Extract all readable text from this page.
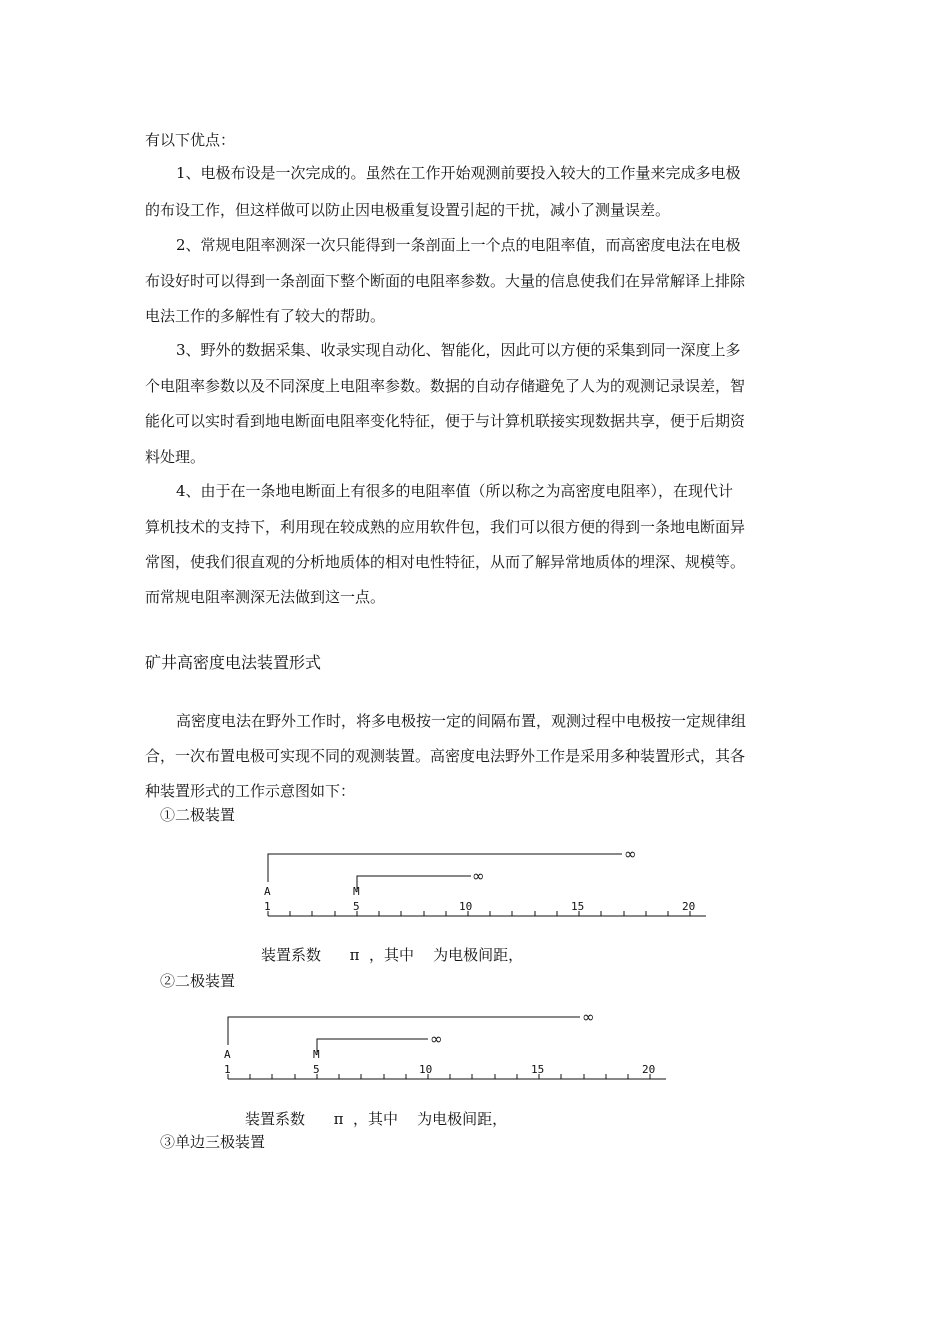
有以下优点：
1、电极布设是一次完成的。虽然在工作开始观测前要投入较大的工作量来完成多电极
的布设工作，但这样做可以防止因电极重复设置引起的干扰，减小了测量误差。
2、常规电阻率测深一次只能得到一条剖面上一个点的电阻率值，而高密度电法在电极
布设好时可以得到一条剖面下整个断面的电阻率参数。大量的信息使我们在异常解译上排除
电法工作的多解性有了较大的帮助。
3、野外的数据采集、收录实现自动化、智能化，因此可以方便的采集到同一深度上多
个电阻率参数以及不同深度上电阻率参数。数据的自动存储避免了人为的观测记录误差，智
能化可以实时看到地电断面电阻率变化特征，便于与计算机联接实现数据共享，便于后期资
料处理。
4、由于在一条地电断面上有很多的电阻率值（所以称之为高密度电阻率），在现代计
算机技术的支持下，利用现在较成熟的应用软件包，我们可以很方便的得到一条地电断面异
常图，使我们很直观的分析地质体的相对电性特征，从而了解异常地质体的埋深、规模等。
而常规电阻率测深无法做到这一点。
矿井高密度电法装置形式
高密度电法在野外工作时，将多电极按一定的间隔布置，观测过程中电极按一定规律组
合，一次布置电极可实现不同的观测装置。高密度电法野外工作是采用多种装置形式，其各
种装置形式的工作示意图如下：
①二极装置
∞
∞
A	M
1	5	10	15	20
装置系数 π ，其中 为电极间距，
②二极装置
∞
∞
A	M
1	5	10	15	20
装置系数 π ，其中 为电极间距，
③单边三极装置
